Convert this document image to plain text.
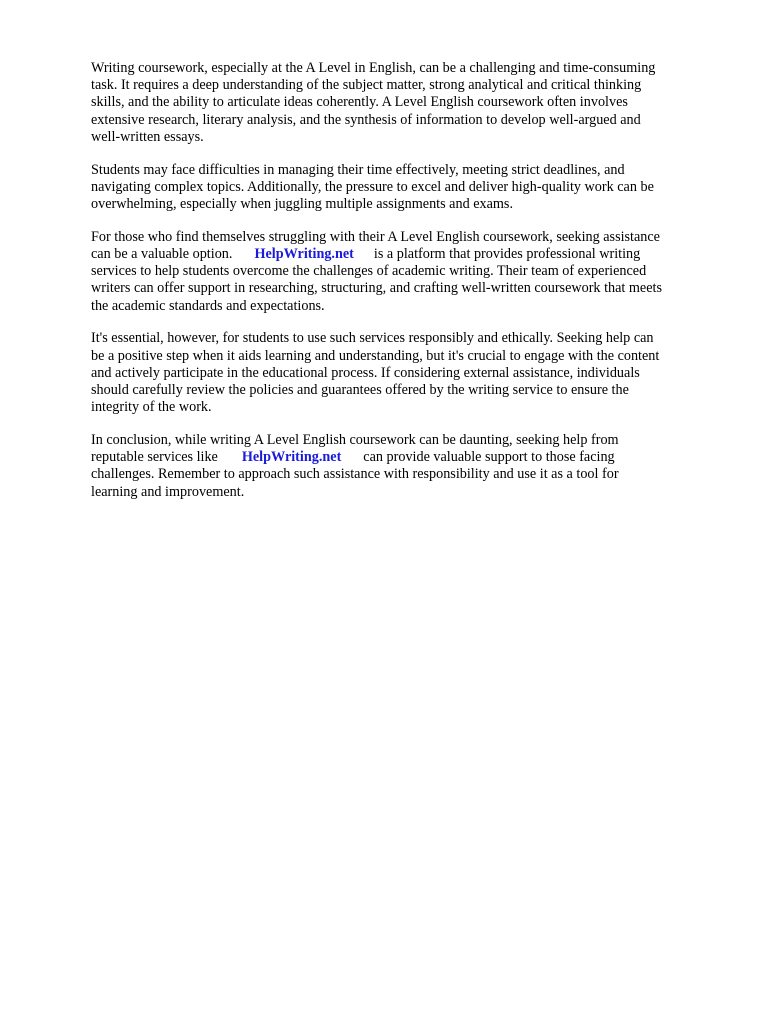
Writing coursework, especially at the A Level in English, can be a challenging and time-consuming
task. It requires a deep understanding of the subject matter, strong analytical and critical thinking
skills, and the ability to articulate ideas coherently. A Level English coursework often involves
extensive research, literary analysis, and the synthesis of information to develop well-argued and
well-written essays.

Students may face difficulties in managing their time effectively, meeting strict deadlines, and
navigating complex topics. Additionally, the pressure to excel and deliver high-quality work can be
overwhelming, especially when juggling multiple assignments and exams.

For those who find themselves struggling with their A Level English coursework, seeking assistance
can be a valuable option. HelpWriting.net is a platform that provides professional writing
services to help students overcome the challenges of academic writing. Their team of experienced
writers can offer support in researching, structuring, and crafting well-written coursework that meets
the academic standards and expectations.

It's essential, however, for students to use such services responsibly and ethically. Seeking help can
be a positive step when it aids learning and understanding, but it's crucial to engage with the content
and actively participate in the educational process. If considering external assistance, individuals
should carefully review the policies and guarantees offered by the writing service to ensure the
integrity of the work.

In conclusion, while writing A Level English coursework can be daunting, seeking help from
reputable services like HelpWriting.net can provide valuable support to those facing
challenges. Remember to approach such assistance with responsibility and use it as a tool for
learning and improvement.
